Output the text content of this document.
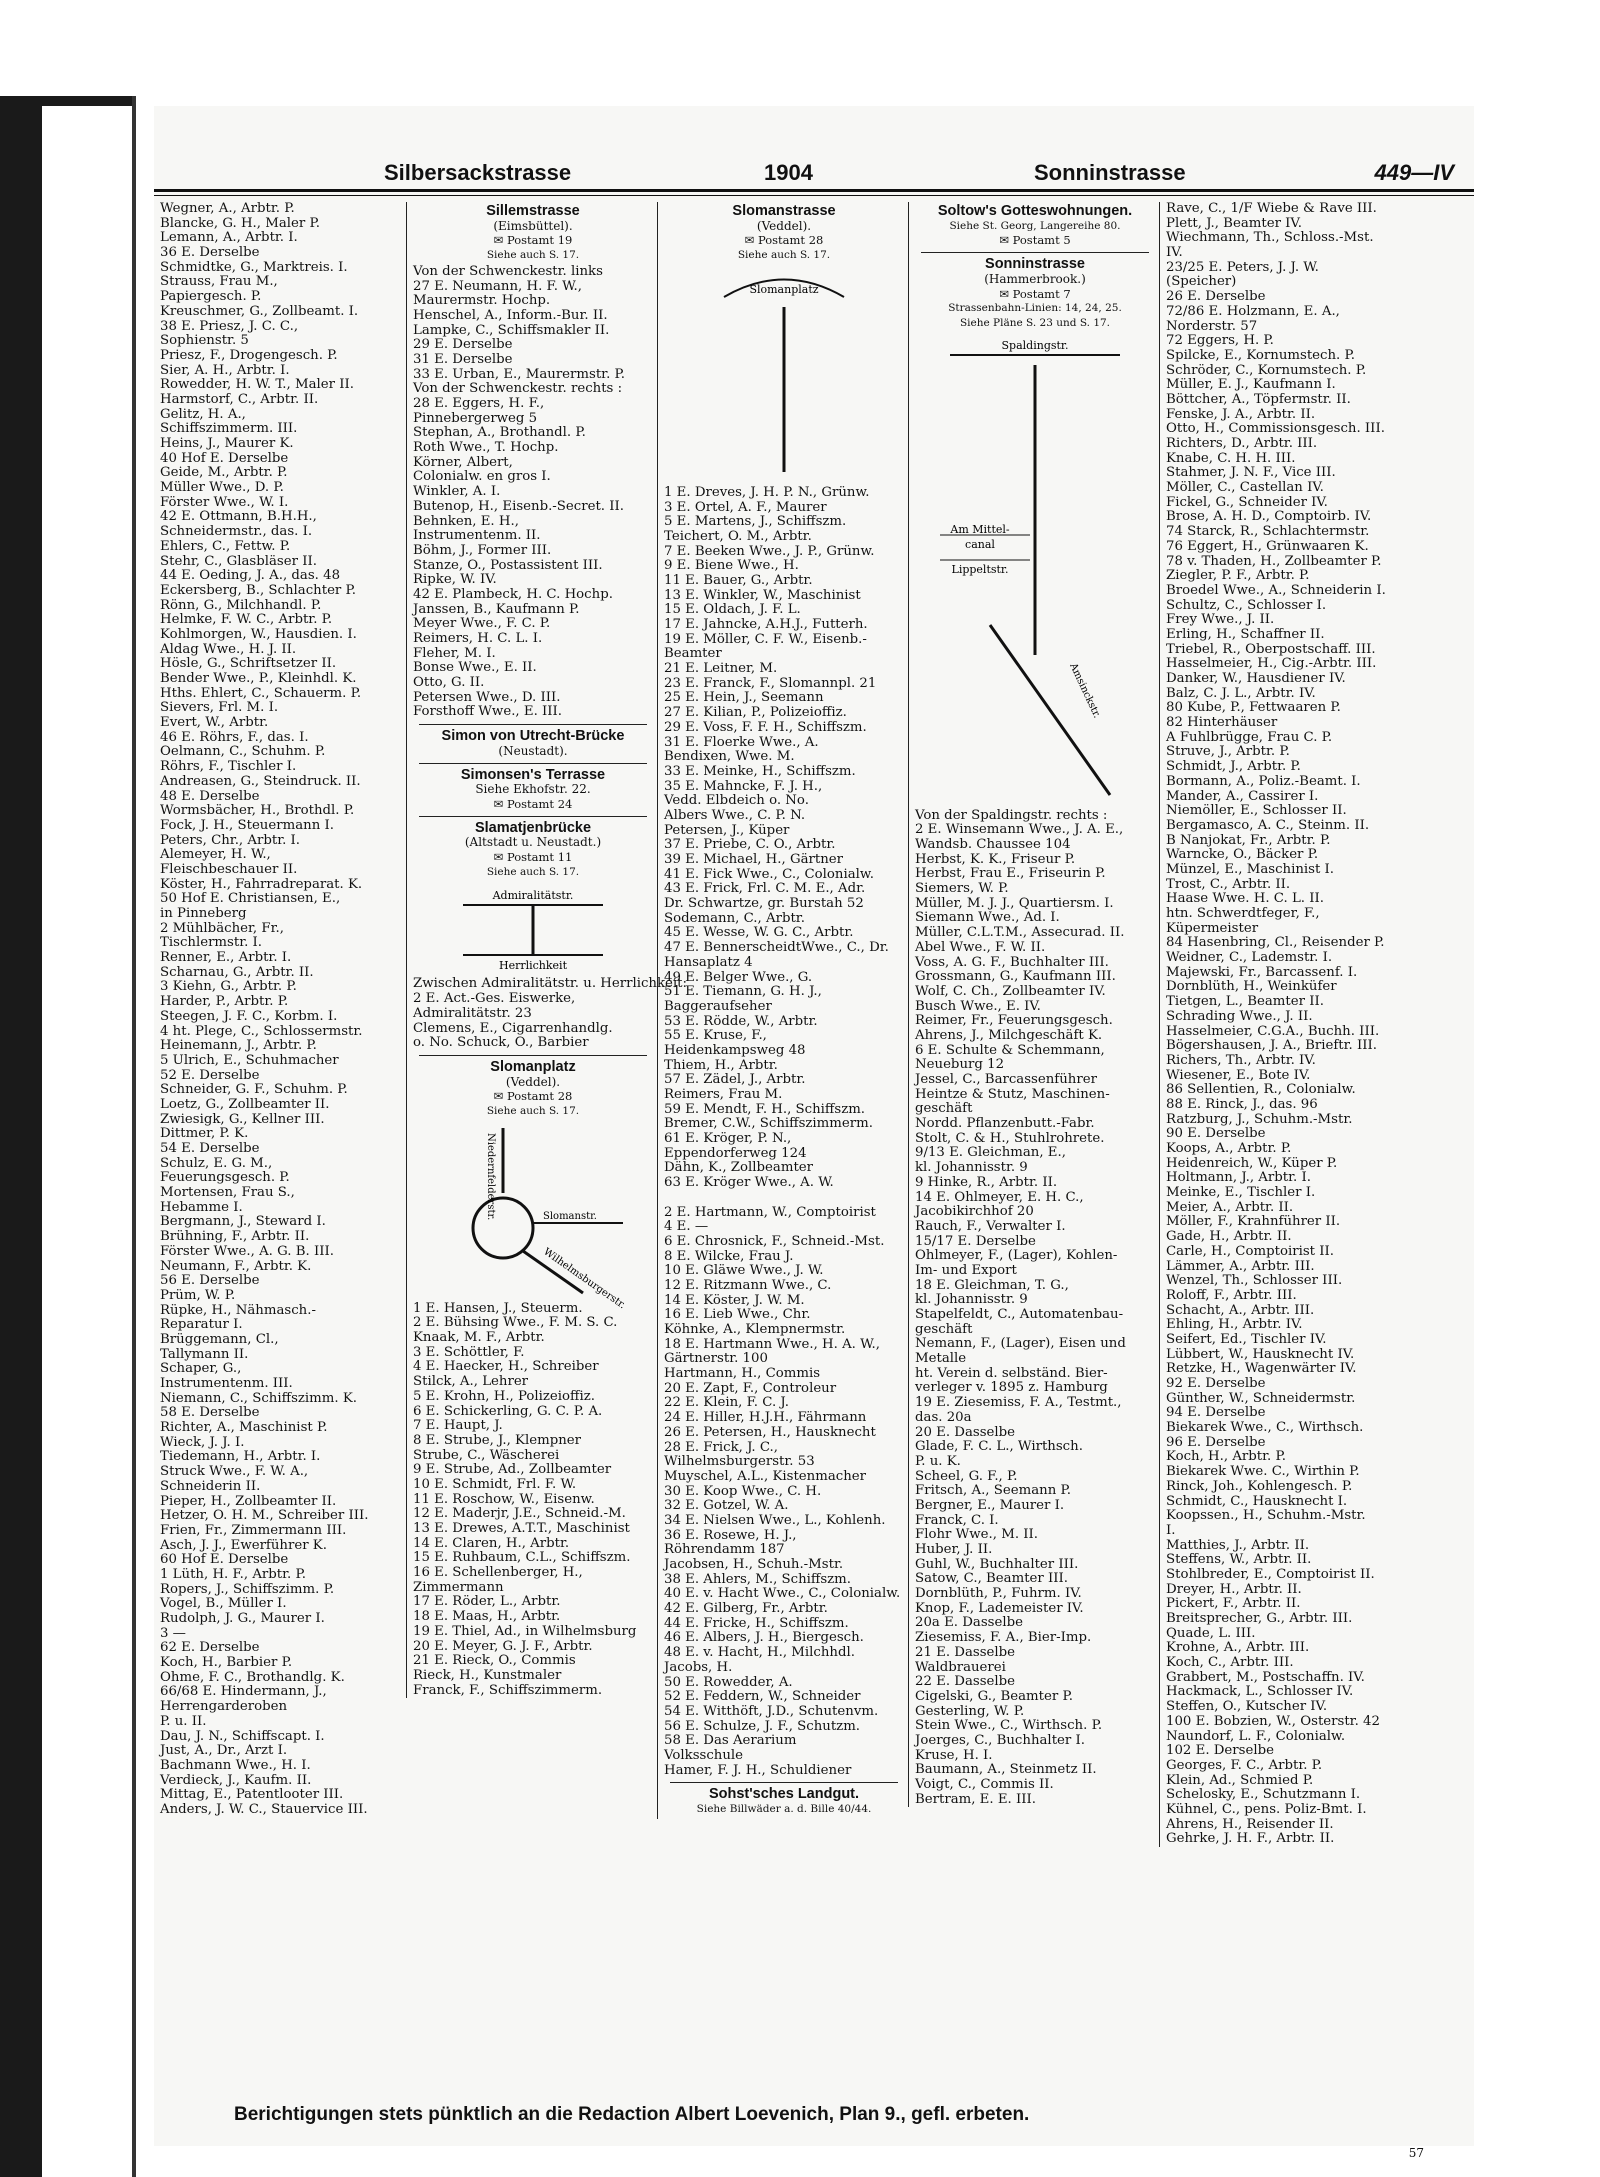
Silbersackstrasse	1904	Sonninstrasse	449—IV
Wegner, A., Arbtr. P.
Blancke, G. H., Maler P.
Lemann, A., Arbtr. I.
36 E. Derselbe
Schmidtke, G., Marktreis. I.
Strauss, Frau M.,
Papiergesch. P.
Kreuschmer, G., Zollbeamt. I.
38 E. Priesz, J. C. C.,
Sophienstr. 5
Priesz, F., Drogengesch. P.
Sier, A. H., Arbtr. I.
Rowedder, H. W. T., Maler II.
Harmstorf, C., Arbtr. II.
Gelitz, H. A.,
Schiffszimmerm. III.
Heins, J., Maurer K.
40 Hof E. Derselbe
Geide, M., Arbtr. P.
Müller Wwe., D. P.
Förster Wwe., W. I.
42 E. Ottmann, B.H.H.,
Schneidermstr., das. I.
Ehlers, C., Fettw. P.
Stehr, C., Glasbläser II.
44 E. Oeding, J. A., das. 48
Eckersberg, B., Schlachter P.
Rönn, G., Milchhandl. P.
Helmke, F. W. C., Arbtr. P.
Kohlmorgen, W., Hausdien. I.
Aldag Wwe., H. J. II.
Hösle, G., Schriftsetzer II.
Bender Wwe., P., Kleinhdl. K.
Hths. Ehlert, C., Schauerm. P.
Sievers, Frl. M. I.
Evert, W., Arbtr.
46 E. Röhrs, F., das. I.
Oelmann, C., Schuhm. P.
Röhrs, F., Tischler I.
Andreasen, G., Steindruck. II.
48 E. Derselbe
Wormsbächer, H., Brothdl. P.
Fock, J. H., Steuermann I.
Peters, Chr., Arbtr. I.
Alemeyer, H. W.,
Fleischbeschauer II.
Köster, H., Fahrradreparat. K.
50 Hof E. Christiansen, E.,
in Pinneberg
2 Mühlbächer, Fr.,
Tischlermstr. I.
Renner, E., Arbtr. I.
Scharnau, G., Arbtr. II.
3 Kiehn, G., Arbtr. P.
Harder, P., Arbtr. P.
Steegen, J. F. C., Korbm. I.
4 ht. Plege, C., Schlossermstr.
Heinemann, J., Arbtr. P.
5 Ulrich, E., Schuhmacher
52 E. Derselbe
Schneider, G. F., Schuhm. P.
Loetz, G., Zollbeamter II.
Zwiesigk, G., Kellner III.
Dittmer, P. K.
54 E. Derselbe
Schulz, E. G. M.,
Feuerungsgesch. P.
Mortensen, Frau S.,
Hebamme I.
Bergmann, J., Steward I.
Brühning, F., Arbtr. II.
Förster Wwe., A. G. B. III.
Neumann, F., Arbtr. K.
56 E. Derselbe
Prüm, W. P.
Rüpke, H., Nähmasch.-
Reparatur I.
Brüggemann, Cl.,
Tallymann II.
Schaper, G.,
Instrumentenm. III.
Niemann, C., Schiffszimm. K.
58 E. Derselbe
Richter, A., Maschinist P.
Wieck, J. J. I.
Tiedemann, H., Arbtr. I.
Struck Wwe., F. W. A.,
Schneiderin II.
Pieper, H., Zollbeamter II.
Hetzer, O. H. M., Schreiber III.
Frien, Fr., Zimmermann III.
Asch, J. J., Ewerführer K.
60 Hof E. Derselbe
1 Lüth, H. F., Arbtr. P.
Ropers, J., Schiffszimm. P.
Vogel, B., Müller I.
Rudolph, J. G., Maurer I.
3 —
62 E. Derselbe
Koch, H., Barbier P.
Ohme, F. C., Brothandlg. K.
66/68 E. Hindermann, J.,
Herrengarderoben
P. u. II.
Dau, J. N., Schiffscapt. I.
Just, A., Dr., Arzt I.
Bachmann Wwe., H. I.
Verdieck, J., Kaufm. II.
Mittag, E., Patentlooter III.
Anders, J. W. C., Stauervice III.
Sillemstrasse
(Eimsbüttel).
✉ Postamt 19
Siehe auch S. 17.
Von der Schwenckestr. links
27 E. Neumann, H. F. W.,
Maurermstr. Hochp.
Henschel, A., Inform.-Bur. II.
Lampke, C., Schiffsmakler II.
29 E. Derselbe
31 E. Derselbe
33 E. Urban, E., Maurermstr. P.
Von der Schwenckestr. rechts :
28 E. Eggers, H. F.,
Pinnebergerweg 5
Stephan, A., Brothandl. P.
Roth Wwe., T. Hochp.
Körner, Albert,
Colonialw. en gros I.
Winkler, A. I.
Butenop, H., Eisenb.-Secret. II.
Behnken, E. H.,
Instrumentenm. II.
Böhm, J., Former III.
Stanze, O., Postassistent III.
Ripke, W. IV.
42 E. Plambeck, H. C. Hochp.
Janssen, B., Kaufmann P.
Meyer Wwe., F. C. P.
Reimers, H. C. L. I.
Fleher, M. I.
Bonse Wwe., E. II.
Otto, G. II.
Petersen Wwe., D. III.
Forsthoff Wwe., E. III.
Simon von Utrecht-Brücke
(Neustadt).
Simonsen's Terrasse
Siehe Ekhofstr. 22.
✉ Postamt 24
Slamatjenbrücke
(Altstadt u. Neustadt.)
✉ Postamt 11
Siehe auch S. 17.
Admiralitätstr.
Herrlichkeit
Zwischen Admiralitätstr. u. Herrlichkeit:
2 E. Act.-Ges. Eiswerke,
Admiralitätstr. 23
Clemens, E., Cigarrenhandlg.
o. No. Schuck, O., Barbier
Slomanplatz
(Veddel).
✉ Postamt 28
Siehe auch S. 17.
Niedernfelderstr.	Slomanstr.
Wilhelmsburgerstr.
1 E. Hansen, J., Steuerm.
2 E. Bühsing Wwe., F. M. S. C.
Knaak, M. F., Arbtr.
3 E. Schöttler, F.
4 E. Haecker, H., Schreiber
Stilck, A., Lehrer
5 E. Krohn, H., Polizeioffiz.
6 E. Schickerling, G. C. P. A.
7 E. Haupt, J.
8 E. Strube, J., Klempner
Strube, C., Wäscherei
9 E. Strube, Ad., Zollbeamter
10 E. Schmidt, Frl. F. W.
11 E. Roschow, W., Eisenw.
12 E. Maderjr, J.E., Schneid.-M.
13 E. Drewes, A.T.T., Maschinist
14 E. Claren, H., Arbtr.
15 E. Ruhbaum, C.L., Schiffszm.
16 E. Schellenberger, H.,
Zimmermann
17 E. Röder, L., Arbtr.
18 E. Maas, H., Arbtr.
19 E. Thiel, Ad., in Wilhelmsburg
20 E. Meyer, G. J. F., Arbtr.
21 E. Rieck, O., Commis
Rieck, H., Kunstmaler
Franck, F., Schiffszimmerm.
Slomanstrasse
(Veddel).
✉ Postamt 28
Siehe auch S. 17.
Slomanplatz
1 E. Dreves, J. H. P. N., Grünw.
3 E. Ortel, A. F., Maurer
5 E. Martens, J., Schiffszm.
Teichert, O. M., Arbtr.
7 E. Beeken Wwe., J. P., Grünw.
9 E. Biene Wwe., H.
11 E. Bauer, G., Arbtr.
13 E. Winkler, W., Maschinist
15 E. Oldach, J. F. L.
17 E. Jahncke, A.H.J., Futterh.
19 E. Möller, C. F. W., Eisenb.-
Beamter
21 E. Leitner, M.
23 E. Franck, F., Slomannpl. 21
25 E. Hein, J., Seemann
27 E. Kilian, P., Polizeioffiz.
29 E. Voss, F. F. H., Schiffszm.
31 E. Floerke Wwe., A.
Bendixen, Wwe. M.
33 E. Meinke, H., Schiffszm.
35 E. Mahncke, F. J. H.,
Vedd. Elbdeich o. No.
Albers Wwe., C. P. N.
Petersen, J., Küper
37 E. Priebe, C. O., Arbtr.
39 E. Michael, H., Gärtner
41 E. Fick Wwe., C., Colonialw.
43 E. Frick, Frl. C. M. E., Adr.
Dr. Schwartze, gr. Burstah 52
Sodemann, C., Arbtr.
45 E. Wesse, W. G. C., Arbtr.
47 E. BennerscheidtWwe., C., Dr.
Hansaplatz 4
49 E. Belger Wwe., G.
51 E. Tiemann, G. H. J.,
Baggeraufseher
53 E. Rödde, W., Arbtr.
55 E. Kruse, F.,
Heidenkampsweg 48
Thiem, H., Arbtr.
57 E. Zädel, J., Arbtr.
Reimers, Frau M.
59 E. Mendt, F. H., Schiffszm.
Bremer, C.W., Schiffszimmerm.
61 E. Kröger, P. N.,
Eppendorferweg 124
Dähn, K., Zollbeamter
63 E. Kröger Wwe., A. W.
2 E. Hartmann, W., Comptoirist
4 E. —
6 E. Chrosnick, F., Schneid.-Mst.
8 E. Wilcke, Frau J.
10 E. Gläwe Wwe., J. W.
12 E. Ritzmann Wwe., C.
14 E. Köster, J. W. M.
16 E. Lieb Wwe., Chr.
Köhnke, A., Klempnermstr.
18 E. Hartmann Wwe., H. A. W.,
Gärtnerstr. 100
Hartmann, H., Commis
20 E. Zapt, F., Controleur
22 E. Klein, F. C. J.
24 E. Hiller, H.J.H., Fährmann
26 E. Petersen, H., Hausknecht
28 E. Frick, J. C.,
Wilhelmsburgerstr. 53
Muyschel, A.L., Kistenmacher
30 E. Koop Wwe., C. H.
32 E. Gotzel, W. A.
34 E. Nielsen Wwe., L., Kohlenh.
36 E. Rosewe, H. J.,
Röhrendamm 187
Jacobsen, H., Schuh.-Mstr.
38 E. Ahlers, M., Schiffszm.
40 E. v. Hacht Wwe., C., Colonialw.
42 E. Gilberg, Fr., Arbtr.
44 E. Fricke, H., Schiffszm.
46 E. Albers, J. H., Biergesch.
48 E. v. Hacht, H., Milchhdl.
Jacobs, H.
50 E. Rowedder, A.
52 E. Feddern, W., Schneider
54 E. Witthöft, J.D., Schutenvm.
56 E. Schulze, J. F., Schutzm.
58 E. Das Aerarium
Volksschule
Hamer, F. J. H., Schuldiener
Sohst'sches Landgut.
Siehe Billwäder a. d. Bille 40/44.
Soltow's Gotteswohnungen.
Siehe St. Georg, Langereihe 80.
✉ Postamt 5
Sonninstrasse
(Hammerbrook.)
✉ Postamt 7
Strassenbahn-Linien: 14, 24, 25.
Siehe Pläne S. 23 und S. 17.
Spaldingstr.
Am Mittel-
canal
Lippeltstr.
Amsinckstr.
Von der Spaldingstr. rechts :
2 E. Winsemann Wwe., J. A. E.,
Wandsb. Chaussee 104
Herbst, K. K., Friseur P.
Herbst, Frau E., Friseurin P.
Siemers, W. P.
Müller, M. J. J., Quartiersm. I.
Siemann Wwe., Ad. I.
Müller, C.L.T.M., Assecurad. II.
Abel Wwe., F. W. II.
Voss, A. G. F., Buchhalter III.
Grossmann, G., Kaufmann III.
Wolf, C. Ch., Zollbeamter IV.
Busch Wwe., E. IV.
Reimer, Fr., Feuerungsgesch.
Ahrens, J., Milchgeschäft K.
6 E. Schulte & Schemmann,
Neueburg 12
Jessel, C., Barcassenführer
Heintze & Stutz, Maschinen-
geschäft
Nordd. Pflanzenbutt.-Fabr.
Stolt, C. & H., Stuhlrohrete.
9/13 E. Gleichman, E.,
kl. Johannisstr. 9
9 Hinke, R., Arbtr. II.
14 E. Ohlmeyer, E. H. C.,
Jacobikirchhof 20
Rauch, F., Verwalter I.
15/17 E. Derselbe
Ohlmeyer, F., (Lager), Kohlen-
Im- und Export
18 E. Gleichman, T. G.,
kl. Johannisstr. 9
Stapelfeldt, C., Automatenbau-
geschäft
Nemann, F., (Lager), Eisen und
Metalle
ht. Verein d. selbständ. Bier-
verleger v. 1895 z. Hamburg
19 E. Ziesemiss, F. A., Testmt.,
das. 20a
20 E. Dasselbe
Glade, F. C. L., Wirthsch.
P. u. K.
Scheel, G. F., P.
Fritsch, A., Seemann P.
Bergner, E., Maurer I.
Franck, C. I.
Flohr Wwe., M. II.
Huber, J. II.
Guhl, W., Buchhalter III.
Satow, C., Beamter III.
Dornblüth, P., Fuhrm. IV.
Knop, F., Lademeister IV.
20a E. Dasselbe
Ziesemiss, F. A., Bier-Imp.
21 E. Dasselbe
Waldbrauerei
22 E. Dasselbe
Cigelski, G., Beamter P.
Gesterling, W. P.
Stein Wwe., C., Wirthsch. P.
Joerges, C., Buchhalter I.
Kruse, H. I.
Baumann, A., Steinmetz II.
Voigt, C., Commis II.
Bertram, E. E. III.
Rave, C., 1/F Wiebe & Rave III.
Plett, J., Beamter IV.
Wiechmann, Th., Schloss.-Mst.
IV.
23/25 E. Peters, J. J. W.
(Speicher)
26 E. Derselbe
72/86 E. Holzmann, E. A.,
Norderstr. 57
72 Eggers, H. P.
Spilcke, E., Kornumstech. P.
Schröder, C., Kornumstech. P.
Müller, E. J., Kaufmann I.
Böttcher, A., Töpfermstr. II.
Fenske, J. A., Arbtr. II.
Otto, H., Commissionsgesch. III.
Richters, D., Arbtr. III.
Knabe, C. H. H. III.
Stahmer, J. N. F., Vice III.
Möller, C., Castellan IV.
Fickel, G., Schneider IV.
Brose, A. H. D., Comptoirb. IV.
74 Starck, R., Schlachtermstr.
76 Eggert, H., Grünwaaren K.
78 v. Thaden, H., Zollbeamter P.
Ziegler, P. F., Arbtr. P.
Broedel Wwe., A., Schneiderin I.
Schultz, C., Schlosser I.
Frey Wwe., J. II.
Erling, H., Schaffner II.
Triebel, R., Oberpostschaff. III.
Hasselmeier, H., Cig.-Arbtr. III.
Danker, W., Hausdiener IV.
Balz, C. J. L., Arbtr. IV.
80 Kube, P., Fettwaaren P.
82 Hinterhäuser
A Fuhlbrügge, Frau C. P.
Struve, J., Arbtr. P.
Schmidt, J., Arbtr. P.
Bormann, A., Poliz.-Beamt. I.
Mander, A., Cassirer I.
Niemöller, E., Schlosser II.
Bergamasco, A. C., Steinm. II.
B Nanjokat, Fr., Arbtr. P.
Warncke, O., Bäcker P.
Münzel, E., Maschinist I.
Trost, C., Arbtr. II.
Haase Wwe. H. C. L. II.
htn. Schwerdtfeger, F.,
Küpermeister
84 Hasenbring, Cl., Reisender P.
Weidner, C., Lademstr. I.
Majewski, Fr., Barcassenf. I.
Dornblüth, H., Weinküfer
Tietgen, L., Beamter II.
Schrading Wwe., J. II.
Hasselmeier, C.G.A., Buchh. III.
Bögershausen, J. A., Brieftr. III.
Richers, Th., Arbtr. IV.
Wiesener, E., Bote IV.
86 Sellentien, R., Colonialw.
88 E. Rinck, J., das. 96
Ratzburg, J., Schuhm.-Mstr.
90 E. Derselbe
Koops, A., Arbtr. P.
Heidenreich, W., Küper P.
Holtmann, J., Arbtr. I.
Meinke, E., Tischler I.
Meier, A., Arbtr. II.
Möller, F., Krahnführer II.
Gade, H., Arbtr. II.
Carle, H., Comptoirist II.
Lämmer, A., Arbtr. III.
Wenzel, Th., Schlosser III.
Roloff, F., Arbtr. III.
Schacht, A., Arbtr. III.
Ehling, H., Arbtr. IV.
Seifert, Ed., Tischler IV.
Lübbert, W., Hausknecht IV.
Retzke, H., Wagenwärter IV.
92 E. Derselbe
Günther, W., Schneidermstr.
94 E. Derselbe
Biekarek Wwe., C., Wirthsch.
96 E. Derselbe
Koch, H., Arbtr. P.
Biekarek Wwe. C., Wirthin P.
Rinck, Joh., Kohlengesch. P.
Schmidt, C., Hausknecht I.
Koopssen., H., Schuhm.-Mstr.
I.
Matthies, J., Arbtr. II.
Steffens, W., Arbtr. II.
Stohlbreder, E., Comptoirist II.
Dreyer, H., Arbtr. II.
Pickert, F., Arbtr. II.
Breitsprecher, G., Arbtr. III.
Quade, L. III.
Krohne, A., Arbtr. III.
Koch, C., Arbtr. III.
Grabbert, M., Postschaffn. IV.
Hackmack, L., Schlosser IV.
Steffen, O., Kutscher IV.
100 E. Bobzien, W., Osterstr. 42
Naundorf, L. F., Colonialw.
102 E. Derselbe
Georges, F. C., Arbtr. P.
Klein, Ad., Schmied P.
Schelosky, E., Schutzmann I.
Kühnel, C., pens. Poliz-Bmt. I.
Ahrens, H., Reisender II.
Gehrke, J. H. F., Arbtr. II.
Berichtigungen stets pünktlich an die Redaction Albert Loevenich, Plan 9., gefl. erbeten.
57
